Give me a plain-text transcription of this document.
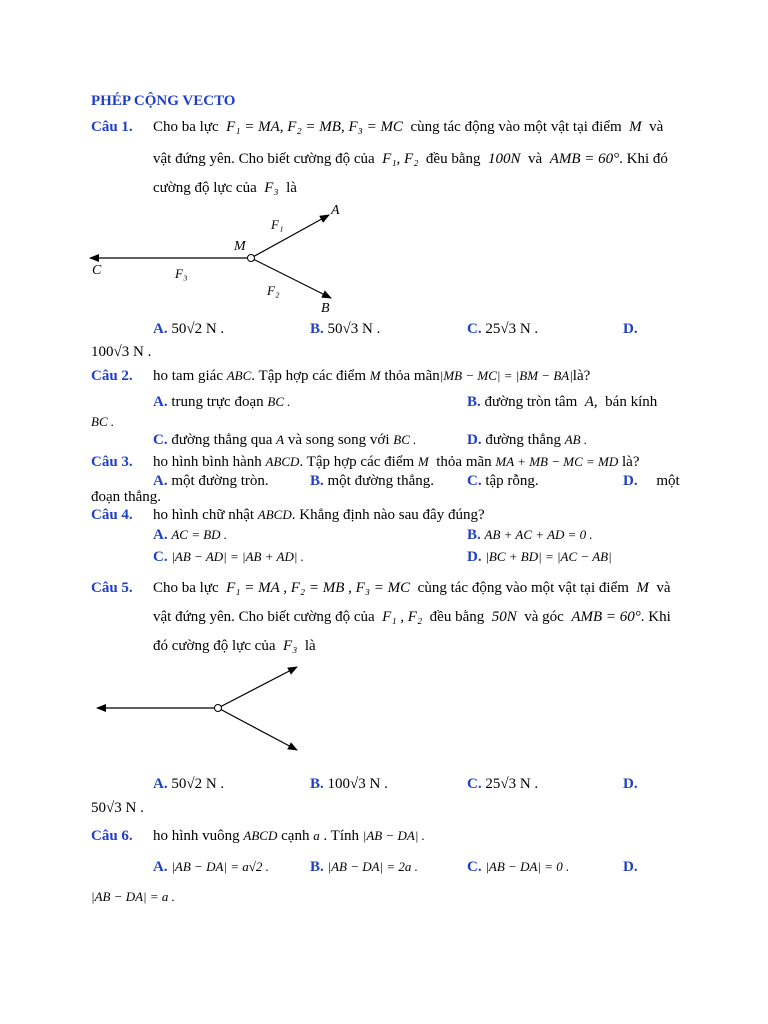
PHÉP CỘNG VECTO
Câu 1. Cho ba lực F₁ = MA, F₂ = MB, F₃ = MC cùng tác động vào một vật tại điểm M và
vật đứng yên. Cho biết cường độ của F₁, F₂ đều bằng 100N và AMB = 60°. Khi đó
cường độ lực của F₃ là
A
B
C
M
F₁
F₂
F₃
A. 50√2 N .	B. 50√3 N .	C. 25√3 N .	D.
100√3 N .
Câu 2. ho tam giác ABC. Tập hợp các điểm M thỏa mãn|MB − MC| = |BM − BA|là?
A. trung trực đoạn BC .	B. đường tròn tâm A, bán kính
BC .
C. đường thẳng qua A và song song với BC .	D. đường thẳng AB .
Câu 3. ho hình bình hành ABCD. Tập hợp các điểm M thỏa mãn MA + MB − MC = MD là?
A. một đường tròn.	B. một đường thẳng. C. tập rỗng.	D. một
đoạn thẳng.
Câu 4. ho hình chữ nhật ABCD. Khẳng định nào sau đây đúng?
A. AC = BD .	B. AB + AC + AD = 0 .
C. |AB − AD| = |AB + AD| .	D. |BC + BD| = |AC − AB|
Câu 5. Cho ba lực F₁ = MA , F₂ = MB , F₃ = MC cùng tác động vào một vật tại điểm M và
vật đứng yên. Cho biết cường độ của F₁ , F₂ đều bằng 50N và góc AMB = 60°. Khi
đó cường độ lực của F₃ là
A. 50√2 N .	B. 100√3 N .	C. 25√3 N .	D.
50√3 N .
Câu 6. ho hình vuông ABCD cạnh a . Tính |AB − DA| .
A. |AB − DA| = a√2 .	B. |AB − DA| = 2a .	C. |AB − DA| = 0 .	D.
|AB − DA| = a .
